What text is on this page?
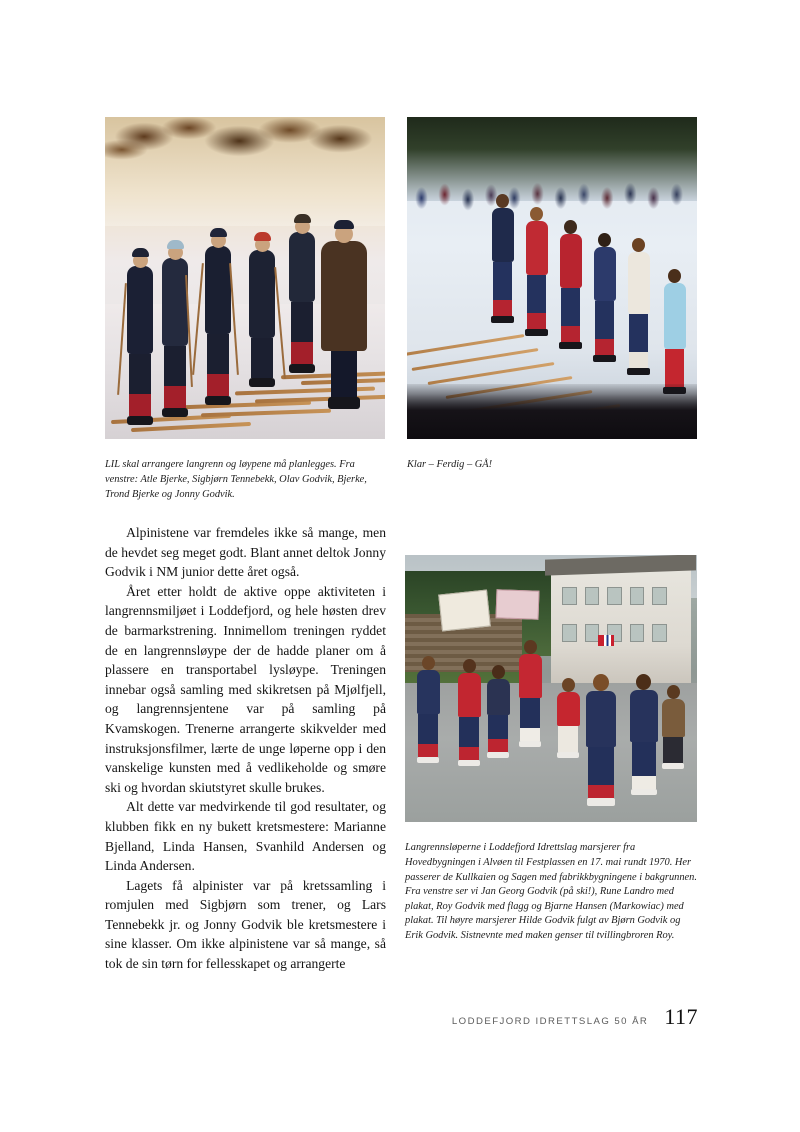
LIL skal arrangere langrenn og løypene må planlegges. Fra venstre: Atle Bjerke, Sigbjørn Tennebekk, Olav Godvik, Bjerke, Trond Bjerke og Jonny Godvik.

Klar – Ferdig – GÅ!

Alpinistene var fremdeles ikke så mange, men de hevdet seg meget godt. Blant annet deltok Jonny Godvik i NM junior dette året også.

Året etter holdt de aktive oppe aktiviteten i langrennsmiljøet i Loddefjord, og hele høsten drev de barmarkstrening. Innimellom treningen ryddet de en langrennsløype der de hadde planer om å plassere en transportabel lysløype. Treningen innebar også samling med skikretsen på Mjølfjell, og langrennsjentene var på samling på Kvamskogen. Trenerne arrangerte skikvelder med instruksjonsfilmer, lærte de unge løperne opp i den vanskelige kunsten med å vedlikeholde og smøre ski og hvordan skiutstyret skulle brukes.

Alt dette var medvirkende til god resultater, og klubben fikk en ny bukett kretsmestere: Marianne Bjelland, Linda Hansen, Svanhild Andersen og Linda Andersen.

Lagets få alpinister var på kretssamling i romjulen med Sigbjørn som trener, og Lars Tennebekk jr. og Jonny Godvik ble kretsmestere i sine klasser. Om ikke alpinistene var så mange, så tok de sin tørn for fellesskapet og arrangerte

Langrennsløperne i Loddefjord Idrettslag marsjerer fra Hovedbygningen i Alvøen til Festplassen en 17. mai rundt 1970. Her passerer de Kullkaien og Sagen med fabrikkbygningene i bakgrunnen. Fra venstre ser vi Jan Georg Godvik (på ski!), Rune Landro med plakat, Roy Godvik med flagg og Bjarne Hansen (Markowiac) med plakat. Til høyre marsjerer Hilde Godvik fulgt av Bjørn Godvik og Erik Godvik. Sistnevnte med maken genser til tvillingbroren Roy.

LODDEFJORD IDRETTSLAG 50 ÅR 117
